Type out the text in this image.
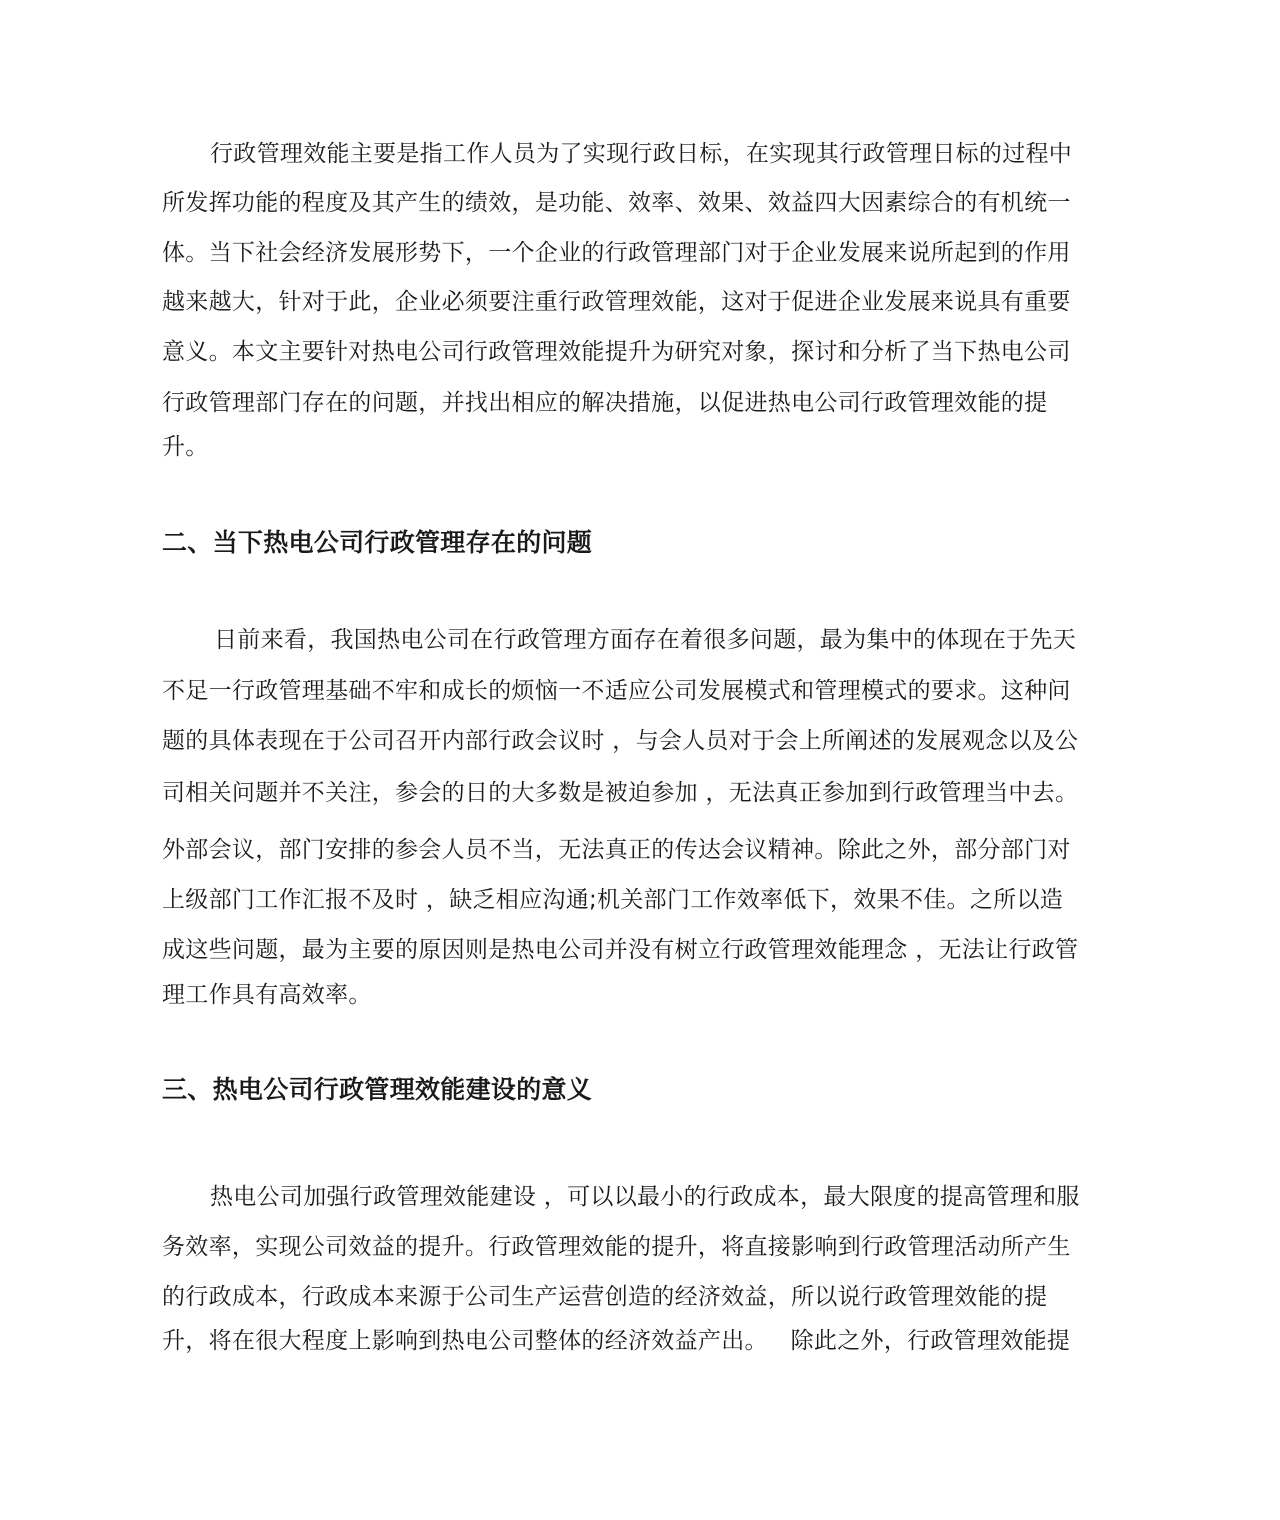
行政管理效能主要是指工作人员为了实现行政日标，在实现其行政管理日标的过程中
所发挥功能的程度及其产生的绩效，是功能、效率、效果、效益四大因素综合的有机统一
体。当下社会经济发展形势下，一个企业的行政管理部门对于企业发展来说所起到的作用
越来越大，针对于此，企业必须要注重行政管理效能，这对于促进企业发展来说具有重要
意义。本文主要针对热电公司行政管理效能提升为研究对象，探讨和分析了当下热电公司
行政管理部门存在的问题，并找出相应的解决措施，以促进热电公司行政管理效能的提
升。
二、当下热电公司行政管理存在的问题
日前来看，我国热电公司在行政管理方面存在着很多问题，最为集中的体现在于先天
不足一行政管理基础不牢和成长的烦恼一不适应公司发展模式和管理模式的要求。这种问
题的具体表现在于公司召开内部行政会议时 ，与会人员对于会上所阐述的发展观念以及公
司相关问题并不关注，参会的日的大多数是被迫参加 ，无法真正参加到行政管理当中去。
外部会议，部门安排的参会人员不当，无法真正的传达会议精神。除此之外，部分部门对
上级部门工作汇报不及时 ，缺乏相应沟通;机关部门工作效率低下，效果不佳。之所以造
成这些问题，最为主要的原因则是热电公司并没有树立行政管理效能理念 ，无法让行政管
理工作具有高效率。
三、热电公司行政管理效能建设的意义
热电公司加强行政管理效能建设 ，可以以最小的行政成本，最大限度的提高管理和服
务效率，实现公司效益的提升。行政管理效能的提升，将直接影响到行政管理活动所产生
的行政成本，行政成本来源于公司生产运营创造的经济效益，所以说行政管理效能的提
升，将在很大程度上影响到热电公司整体的经济效益产出。   除此之外，行政管理效能提
